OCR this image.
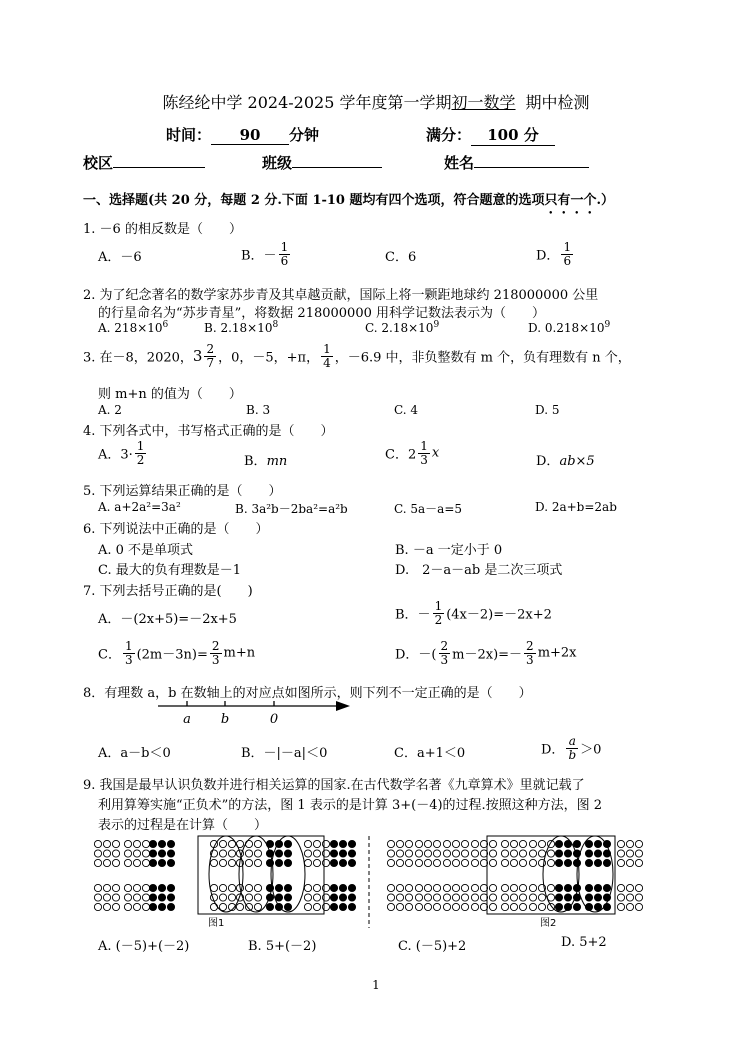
陈经纶中学 2024-2025 学年度第一学期初一数学 期中检测
时间： 90 分钟	满分： 100 分
校区	班级	姓名
一、选择题(共 20 分，每题 2 分.下面 1-10 题均有四个选项，符合题意的选项只有一个.）
1. －6 的相反数是（　　）
A．－6	B．－ $\frac{1}{6}$	C．6	D． $\frac{1}{6}$
2. 为了纪念著名的数学家苏步青及其卓越贡献，国际上将一颗距地球约 218000000 公里
的行星命名为“苏步青星”，将数据 218000000 用科学记数法表示为（　　）
A. $218\times 10^6$	B. $2.18\times 10^8$	C. $2.18\times 10^9$	D. $0.218\times 10^9$
3. 在－8，2020，$3 \frac{2}{7}$ ，0，－5，+π， $\frac{1}{4}$ ，－6.9 中，非负整数有 m 个，负有理数有 n 个，
则 m+n 的值为（　　）
A. 2	B. 3	C. 4	D. 5
4. 下列各式中，书写格式正确的是（　　）
A．$3\cdot \frac{1}{2}$	B．mn	C．$2 \frac{1}{3}$ x
D．ab×5
5. 下列运算结果正确的是（　　）
A. a+2a²=3a²	B. 3a²b－2ba²=a²b	C. 5a－a=5	D. 2a+b=2ab
6. 下列说法中正确的是（　　）
A. 0 不是单项式	B. －a 一定小于 0
C. 最大的负有理数是－1	D.　2－a－ab 是二次三项式
7. 下列去括号正确的是(　　)
A．－(2x+5)=－2x+5	B．－ $\frac{1}{2} (4x-2)=-2x+2$
C． $\frac{1}{3} (2m-3n)= \frac{2}{3} m+n$	D．－( $\frac{2}{3} m-2x)=- \frac{2}{3} m+2x$
8．有理数 a，b 在数轴上的对应点如图所示，则下列不一定正确的是（　　）
a b	0
A．a－b＜0	B．－|－a|＜0	C．a+1＜0	D． $\frac{a}{b} >0$
9. 我国是最早认识负数并进行相关运算的国家.在古代数学名著《九章算术》里就记载了
利用算筹实施“正负术”的方法，图 1 表示的是计算 3+(－4)的过程.按照这种方法，图 2
表示的过程是在计算（　　）
图1	图2
A. (－5)+(－2)	B. 5+(－2)	C. (－5)+2	D. 5+2
1
